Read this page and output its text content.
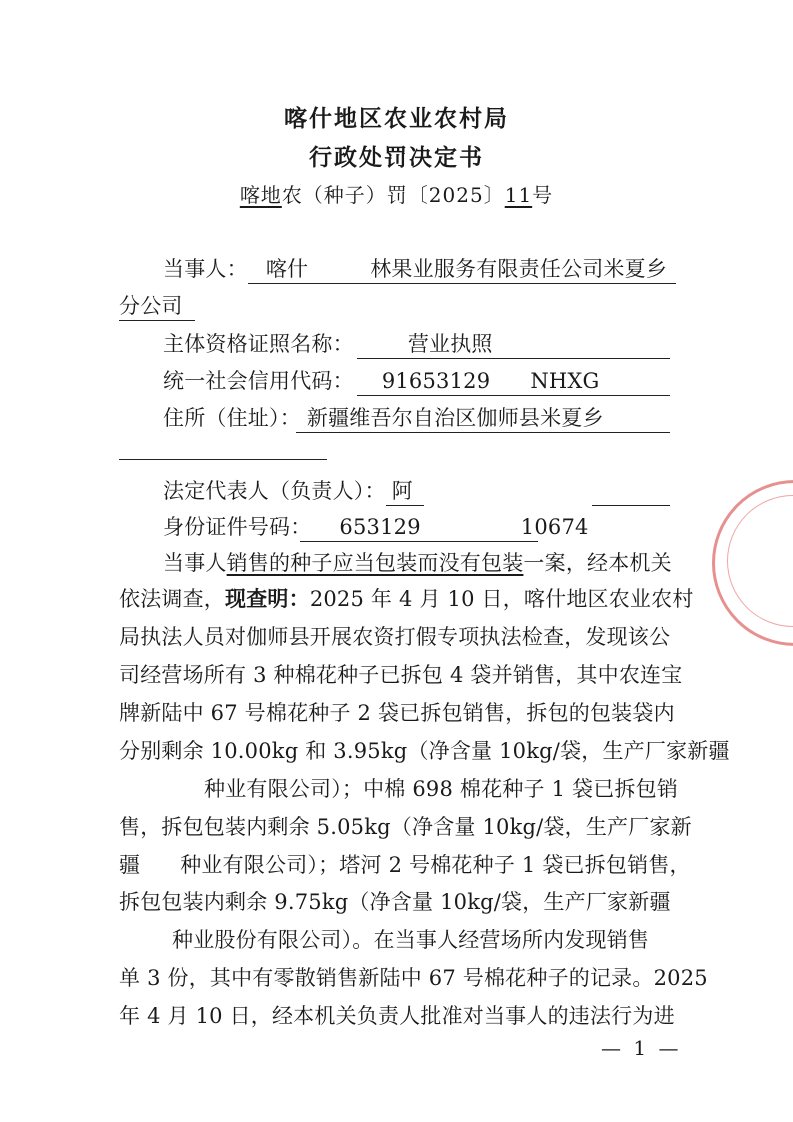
喀什地区农业农村局
行政处罚决定书
喀地农（种子）罚〔2025〕11号
当事人： 喀什	林果业服务有限责任公司米夏乡
分公司
主体资格证照名称：	营业执照
统一社会信用代码： 91653129 NHXG
住所（住址）： 新疆维吾尔自治区伽师县米夏乡
法定代表人（负责人）： 阿
身份证件号码： 653129	10674
当事人销售的种子应当包装而没有包装一案，经本机关
依法调查，现查明：2025 年 4 月 10 日，喀什地区农业农村
局执法人员对伽师县开展农资打假专项执法检查，发现该公
司经营场所有 3 种棉花种子已拆包 4 袋并销售，其中农连宝
牌新陆中 67 号棉花种子 2 袋已拆包销售，拆包的包装袋内
分别剩余 10.00kg 和 3.95kg（净含量 10kg/袋，生产厂家新疆
种业有限公司）；中棉 698 棉花种子 1 袋已拆包销
售，拆包包装内剩余 5.05kg（净含量 10kg/袋，生产厂家新
疆 种业有限公司）；塔河 2 号棉花种子 1 袋已拆包销售，
拆包包装内剩余 9.75kg（净含量 10kg/袋，生产厂家新疆
种业股份有限公司）。在当事人经营场所内发现销售
单 3 份，其中有零散销售新陆中 67 号棉花种子的记录。2025
年 4 月 10 日，经本机关负责人批准对当事人的违法行为进
— 1 —
